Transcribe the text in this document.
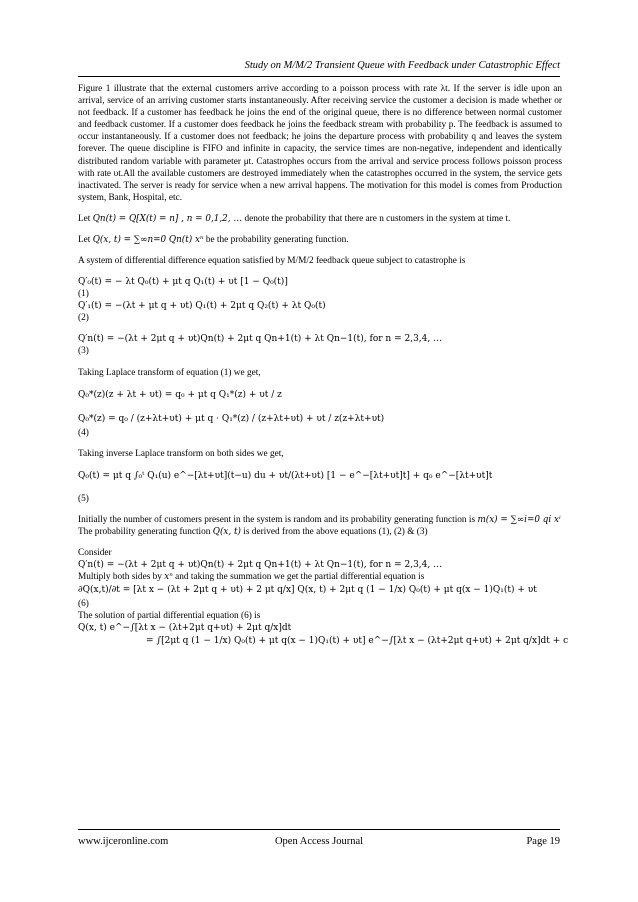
Study on M/M/2 Transient Queue with Feedback under Catastrophic Effect

Figure 1 illustrate that the external customers arrive according to a poisson process with rate λt. If the server is idle upon an arrival, service of an arriving customer starts instantaneously. After receiving service the customer a decision is made whether or not feedback. If a customer has feedback he joins the end of the original queue, there is no difference between normal customer and feedback customer. If a customer does feedback he joins the feedback stream with probability p. The feedback is assumed to occur instantaneously. If a customer does not feedback; he joins the departure process with probability q and leaves the system forever. The queue discipline is FIFO and infinite in capacity, the service times are non-negative, independent and identically distributed random variable with parameter μt. Catastrophes occurs from the arrival and service process follows poisson process with rate υt.All the available customers are destroyed immediately when the catastrophes occurred in the system, the service gets inactivated. The server is ready for service when a new arrival happens. The motivation for this model is comes from Production system, Bank, Hospital, etc.

Let Qn(t) = Q[X(t) = n] , n = 0,1,2, … denote the probability that there are n customers in the system at time t.

Let Q(x, t) = ∑∞n=0 Qn(t) xⁿ be the probability generating function.

A system of differential difference equation satisfied by M/M/2 feedback queue subject to catastrophe is

Q′₀(t) = − λt Q₀(t) + μt q Q₁(t) + υt [1 − Q₀(t)]
(1)
Q′₁(t) = −(λt + μt q + υt) Q₁(t) + 2μt q Q₂(t) + λt Q₀(t)
(2)
Q′n(t) = −(λt + 2μt q + υt)Qn(t) + 2μt q Qn+1(t) + λt Qn−1(t), for n = 2,3,4, …
(3)

Taking Laplace transform of equation (1) we get,

Q₀*(z)(z + λt + υt) = q₀ + μt q Q₁*(z) + υt / z
Q₀*(z) = q₀ / (z+λt+υt) + μt q · Q₁*(z) / (z+λt+υt) + υt / z(z+λt+υt)
(4)

Taking inverse Laplace transform on both sides we get,

Q₀(t) = μt q ∫₀ᵗ Q₁(u) e^−[λt+υt](t−u) du + υt/(λt+υt) [1 − e^−[λt+υt]t] + q₀ e^−[λt+υt]t
(5)

Initially the number of customers present in the system is random and its probability generating function is m(x) = ∑∞i=0 qi xⁱ

The probability generating function Q(x, t) is derived from the above equations (1), (2) & (3)

Consider

Q′n(t) = −(λt + 2μt q + υt)Qn(t) + 2μt q Qn+1(t) + λt Qn−1(t), for n = 2,3,4, …

Multiply both sides by xⁿ and taking the summation we get the partial differential equation is

∂Q(x,t)/∂t = [λt x − (λt + 2μt q + υt) + 2 μt q/x] Q(x, t) + 2μt q (1 − 1/x) Q₀(t) + μt q(x − 1)Q₁(t) + υt
(6)

The solution of partial differential equation (6) is

Q(x, t) e^−∫[λt x − (λt+2μt q+υt) + 2μt q/x]dt
= ∫[2μt q (1 − 1/x) Q₀(t) + μt q(x − 1)Q₁(t) + υt] e^−∫[λt x − (λt+2μt q+υt) + 2μt q/x]dt + c
www.ijceronline.com	Open Access Journal	Page 19
